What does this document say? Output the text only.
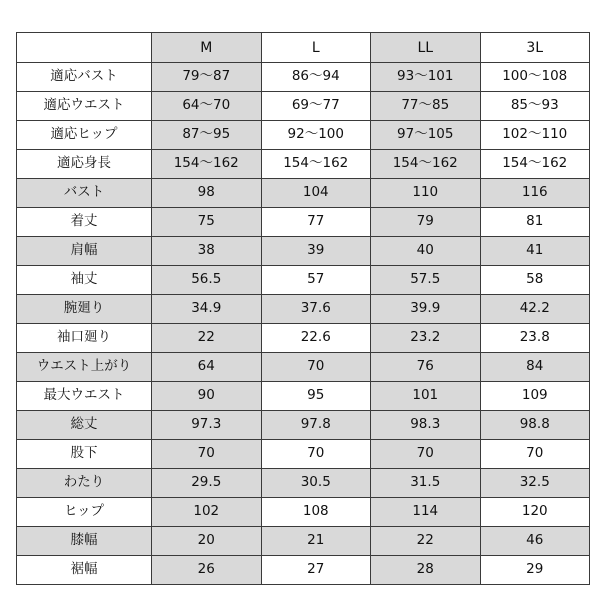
	M	L	LL	3L
適応バスト	79～87	86～94	93～101	100～108
適応ウエスト	64～70	69～77	77～85	85～93
適応ヒップ	87～95	92～100	97～105	102～110
適応身長	154～162	154～162	154～162	154～162
バスト	98	104	110	116
着丈	75	77	79	81
肩幅	38	39	40	41
袖丈	56.5	57	57.5	58
腕廻り	34.9	37.6	39.9	42.2
袖口廻り	22	22.6	23.2	23.8
ウエスト上がり	64	70	76	84
最大ウエスト	90	95	101	109
総丈	97.3	97.8	98.3	98.8
股下	70	70	70	70
わたり	29.5	30.5	31.5	32.5
ヒップ	102	108	114	120
膝幅	20	21	22	46
裾幅	26	27	28	29
